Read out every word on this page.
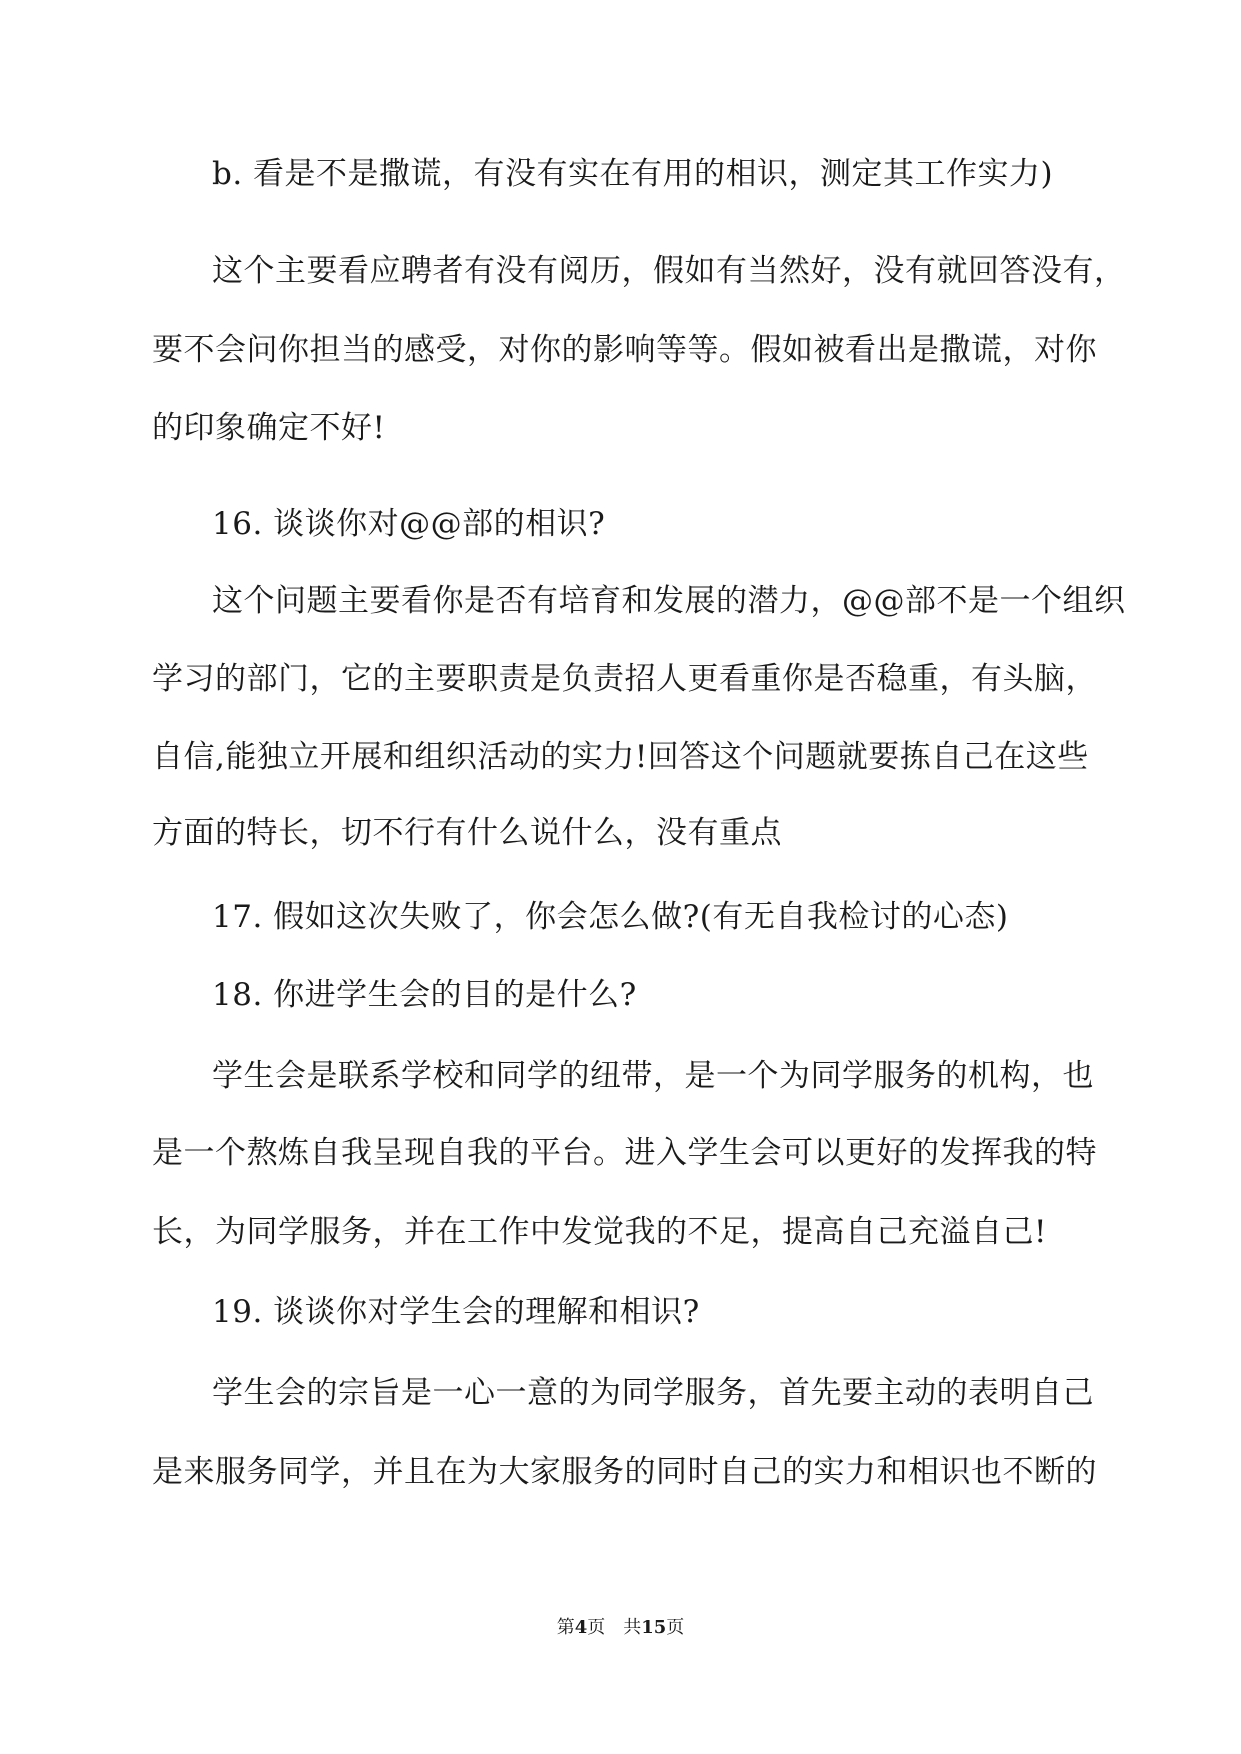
b. 看是不是撒谎，有没有实在有用的相识，测定其工作实力)
这个主要看应聘者有没有阅历，假如有当然好，没有就回答没有，
要不会问你担当的感受，对你的影响等等。假如被看出是撒谎，对你
的印象确定不好!
16. 谈谈你对@@部的相识?
这个问题主要看你是否有培育和发展的潜力，@@部不是一个组织
学习的部门，它的主要职责是负责招人更看重你是否稳重，有头脑，
自信,能独立开展和组织活动的实力!回答这个问题就要拣自己在这些
方面的特长，切不行有什么说什么，没有重点
17. 假如这次失败了，你会怎么做?(有无自我检讨的心态)
18. 你进学生会的目的是什么?
学生会是联系学校和同学的纽带，是一个为同学服务的机构，也
是一个熬炼自我呈现自我的平台。进入学生会可以更好的发挥我的特
长，为同学服务，并在工作中发觉我的不足，提高自己充溢自己!
19. 谈谈你对学生会的理解和相识?
学生会的宗旨是一心一意的为同学服务，首先要主动的表明自己
是来服务同学，并且在为大家服务的同时自己的实力和相识也不断的
第4页　共15页
